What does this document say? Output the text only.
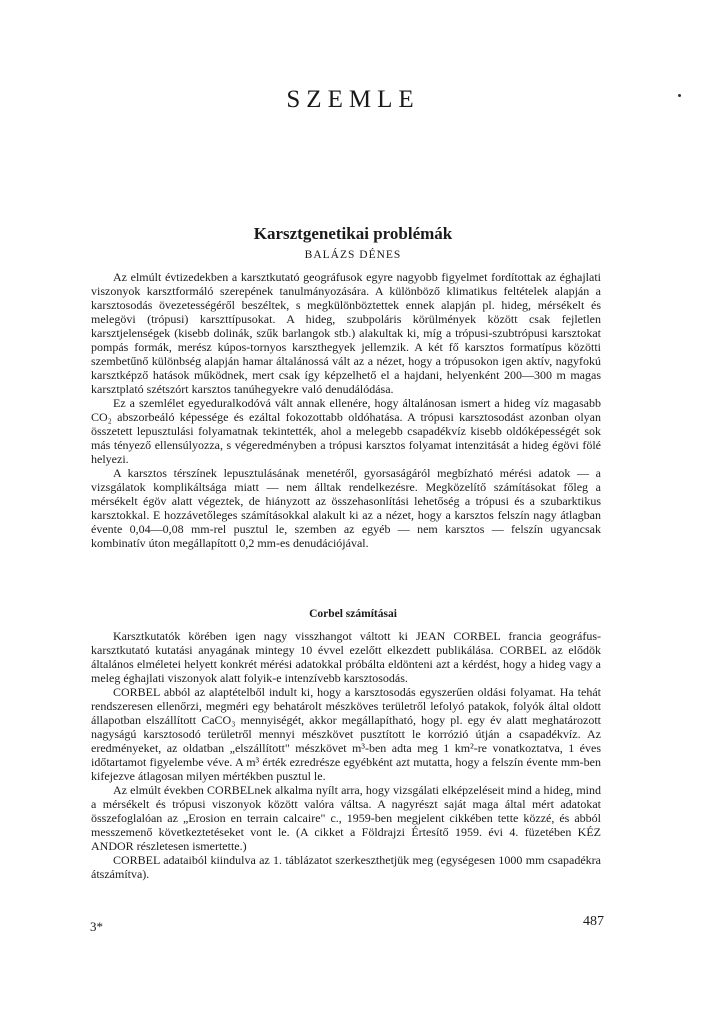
SZEMLE
Karsztgenetikai problémák
BALÁZS DÉNES

Az elmúlt évtizedekben a karsztkutató geográfusok egyre nagyobb figyelmet fordítottak az éghajlati viszonyok karsztformáló szerepének tanulmányozására. A különböző klimatikus feltételek alapján a karsztosodás övezetességéről beszéltek, s megkülönböztettek ennek alapján pl. hideg, mérsékelt és melegövi (trópusi) karszttípusokat. A hideg, szubpoláris körülmények között csak fejletlen karsztjelenségek (kisebb dolinák, szűk barlangok stb.) alakultak ki, míg a trópusi-szubtrópusi karsztokat pompás formák, merész kúpos-tornyos karszthegyek jellemzik. A két fő karsztos formatípus közötti szembetűnő különbség alapján hamar általánossá vált az a nézet, hogy a trópusokon igen aktív, nagyfokú karsztképző hatások működnek, mert csak így képzelhető el a hajdani, helyenként 200—300 m magas karsztplató szétszórt karsztos tanúhegyekre való denudálódása.

Ez a szemlélet egyeduralkodóvá vált annak ellenére, hogy általánosan ismert a hideg víz magasabb CO₂ abszorbeáló képessége és ezáltal fokozottabb oldóhatása. A trópusi karsztosodást azonban olyan összetett lepusztulási folyamatnak tekintették, ahol a melegebb csapadékvíz kisebb oldóképességét sok más tényező ellensúlyozza, s végeredményben a trópusi karsztos folyamat intenzitását a hideg égövi fölé helyezi.

A karsztos térszínek lepusztulásának menetéről, gyorsaságáról megbízható mérési adatok — a vizsgálatok komplikáltsága miatt — nem álltak rendelkezésre. Megközelítő számításokat főleg a mérsékelt égöv alatt végeztek, de hiányzott az összehasonlítási lehetőség a trópusi és a szubarktikus karsztokkal. E hozzávetőleges számításokkal alakult ki az a nézet, hogy a karsztos felszín nagy átlagban évente 0,04—0,08 mm-rel pusztul le, szemben az egyéb — nem karsztos — felszín ugyancsak kombinatív úton megállapított 0,2 mm-es denudációjával.

Corbel számításai

Karsztkutatók körében igen nagy visszhangot váltott ki JEAN CORBEL francia geográfus-karsztkutató kutatási anyagának mintegy 10 évvel ezelőtt elkezdett publikálása. CORBEL az elődök általános elméletei helyett konkrét mérési adatokkal próbálta eldönteni azt a kérdést, hogy a hideg vagy a meleg éghajlati viszonyok alatt folyik-e intenzívebb karsztosodás.

CORBEL abból az alaptételből indult ki, hogy a karsztosodás egyszerűen oldási folyamat. Ha tehát rendszeresen ellenőrzi, megméri egy behatárolt mészköves területről lefolyó patakok, folyók által oldott állapotban elszállított CaCO₃ mennyiségét, akkor megállapítható, hogy pl. egy év alatt meghatározott nagyságú karsztosodó területről mennyi mészkövet pusztított le korrózió útján a csapadékvíz. Az eredményeket, az oldatban „elszállított" mészkövet m³-ben adta meg 1 km²-re vonatkoztatva, 1 éves időtartamot figyelembe véve. A m³ érték ezredrésze egyébként azt mutatta, hogy a felszín évente mm-ben kifejezve átlagosan milyen mértékben pusztul le.

Az elmúlt években CORBELnek alkalma nyílt arra, hogy vizsgálati elképzeléseit mind a hideg, mind a mérsékelt és trópusi viszonyok között valóra váltsa. A nagyrészt saját maga által mért adatokat összefoglalóan az „Erosion en terrain calcaire" c., 1959-ben megjelent cikkében tette közzé, és abból messzemenő következtetéseket vont le. (A cikket a Földrajzi Értesítő 1959. évi 4. füzetében KÉZ ANDOR részletesen ismertette.)

CORBEL adataiból kiindulva az 1. táblázatot szerkeszthetjük meg (egységesen 1000 mm csapadékra átszámítva).

3*	487
